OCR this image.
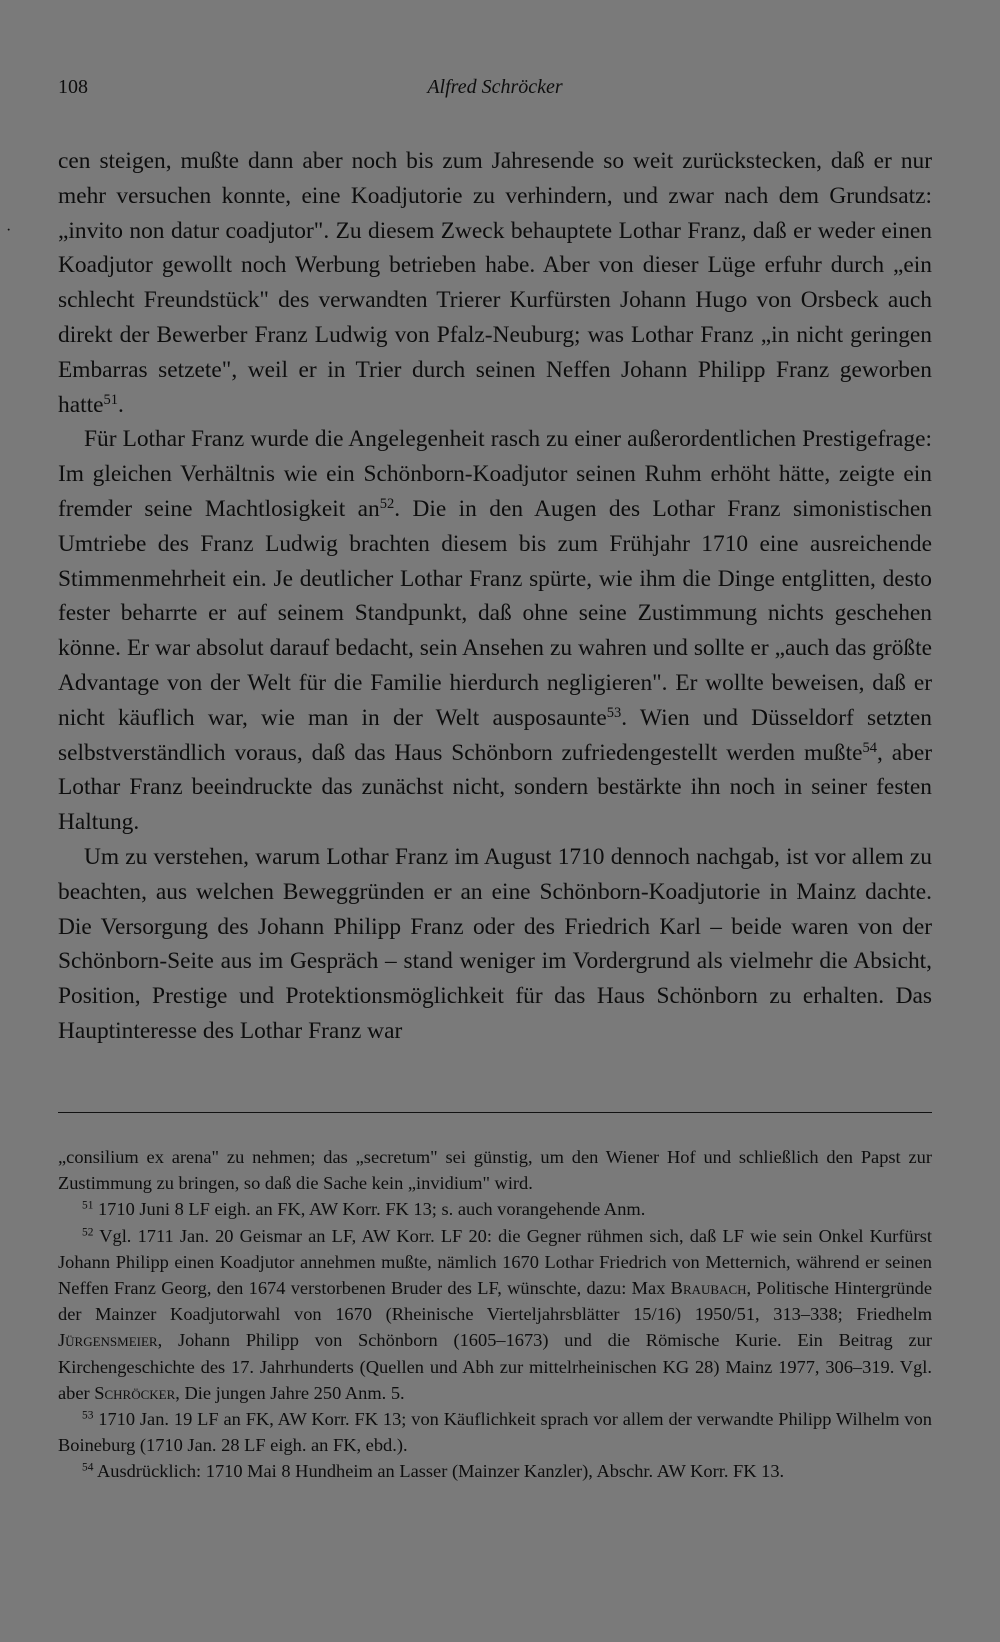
108	Alfred Schröcker
·

cen steigen, mußte dann aber noch bis zum Jahresende so weit zurückstecken, daß er nur mehr versuchen konnte, eine Koadjutorie zu verhindern, und zwar nach dem Grundsatz: „invito non datur coadjutor". Zu diesem Zweck behauptete Lothar Franz, daß er weder einen Koadjutor gewollt noch Werbung betrieben habe. Aber von dieser Lüge erfuhr durch „ein schlecht Freundstück" des verwandten Trierer Kurfürsten Johann Hugo von Orsbeck auch direkt der Bewerber Franz Ludwig von Pfalz-Neuburg; was Lothar Franz „in nicht geringen Embarras setzete", weil er in Trier durch seinen Neffen Johann Philipp Franz geworben hatte$^{51}$.

Für Lothar Franz wurde die Angelegenheit rasch zu einer außerordentlichen Prestigefrage: Im gleichen Verhältnis wie ein Schönborn-Koadjutor seinen Ruhm erhöht hätte, zeigte ein fremder seine Machtlosigkeit $an^{52}$. Die in den Augen des Lothar Franz simonistischen Umtriebe des Franz Ludwig brachten diesem bis zum Frühjahr 1710 eine ausreichende Stimmenmehrheit ein. Je deutlicher Lothar Franz spürte, wie ihm die Dinge entglitten, desto fester beharrte er auf seinem Standpunkt, daß ohne seine Zustimmung nichts geschehen könne. Er war absolut darauf bedacht, sein Ansehen zu wahren und sollte er „auch das größte Advantage von der Welt für die Familie hierdurch negligieren". Er wollte beweisen, daß er nicht käuflich war, wie man in der Welt ausposaunte$^{53}$. Wien und Düsseldorf setzten selbstverständlich voraus, daß das Haus Schönborn zufriedengestellt werden mußte$^{54}$, aber Lothar Franz beeindruckte das zunächst nicht, sondern bestärkte ihn noch in seiner festen Haltung.

Um zu verstehen, warum Lothar Franz im August 1710 dennoch nachgab, ist vor allem zu beachten, aus welchen Beweggründen er an eine Schönborn-Koadjutorie in Mainz dachte. Die Versorgung des Johann Philipp Franz oder des Friedrich Karl – beide waren von der Schönborn-Seite aus im Gespräch – stand weniger im Vordergrund als vielmehr die Absicht, Position, Prestige und Protektionsmöglichkeit für das Haus Schönborn zu erhalten. Das Hauptinteresse des Lothar Franz war

„consilium ex arena" zu nehmen; das „secretum" sei günstig, um den Wiener Hof und schließlich den Papst zur Zustimmung zu bringen, so daß die Sache kein „invidium" wird.

$^{51}$ 1710 Juni 8 LF eigh. an FK, AW Korr. FK 13; s. auch vorangehende Anm.

$^{52}$ Vgl. 1711 Jan. 20 Geismar an LF, AW Korr. LF 20: die Gegner rühmen sich, daß LF wie sein Onkel Kurfürst Johann Philipp einen Koadjutor annehmen mußte, nämlich 1670 Lothar Friedrich von Metternich, während er seinen Neffen Franz Georg, den 1674 verstorbenen Bruder des LF, wünschte, dazu: Max Braubach, Politische Hintergründe der Mainzer Koadjutorwahl von 1670 (Rheinische Vierteljahrsblätter 15/16) 1950/51, 313–338; Friedhelm Jürgensmeier, Johann Philipp von Schönborn (1605–1673) und die Römische Kurie. Ein Beitrag zur Kirchengeschichte des 17. Jahrhunderts (Quellen und Abh zur mittelrheinischen KG 28) Mainz 1977, 306–319. Vgl. aber Schröcker, Die jungen Jahre 250 Anm. 5.

$^{53}$ 1710 Jan. 19 LF an FK, AW Korr. FK 13; von Käuflichkeit sprach vor allem der verwandte Philipp Wilhelm von Boineburg (1710 Jan. 28 LF eigh. an FK, ebd.).

$^{54}$ Ausdrücklich: 1710 Mai 8 Hundheim an Lasser (Mainzer Kanzler), Abschr. AW Korr. FK 13.
